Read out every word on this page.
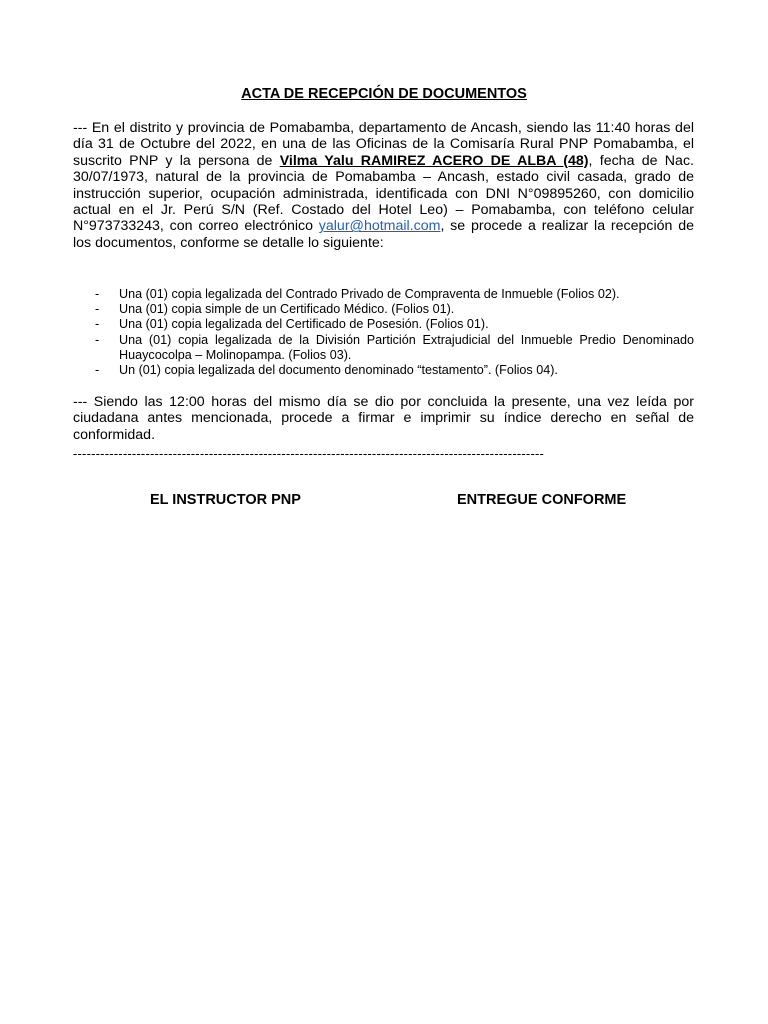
ACTA DE RECEPCIÓN DE DOCUMENTOS
--- En el distrito y provincia de Pomabamba, departamento de Ancash, siendo las 11:40 horas del día 31 de Octubre del 2022, en una de las Oficinas de la Comisaría Rural PNP Pomabamba, el suscrito PNP y la persona de Vilma Yalu RAMIREZ ACERO DE ALBA (48), fecha de Nac. 30/07/1973, natural de la provincia de Pomabamba – Ancash, estado civil casada, grado de instrucción superior, ocupación administrada, identificada con DNI N°09895260, con domicilio actual en el Jr. Perú S/N (Ref. Costado del Hotel Leo) – Pomabamba, con teléfono celular N°973733243, con correo electrónico yalur@hotmail.com, se procede a realizar la recepción de los documentos, conforme se detalle lo siguiente:
- Una (01) copia legalizada del Contrado Privado de Compraventa de Inmueble (Folios 02).
- Una (01) copia simple de un Certificado Médico. (Folios 01).
- Una (01) copia legalizada del Certificado de Posesión. (Folios 01).
- Una (01) copia legalizada de la División Partición Extrajudicial del Inmueble Predio Denominado Huaycocolpa – Molinopampa. (Folios 03).
- Un (01) copia legalizada del documento denominado “testamento”. (Folios 04).
--- Siendo las 12:00 horas del mismo día se dio por concluida la presente, una vez leída por ciudadana antes mencionada, procede a firmar e imprimir su índice derecho en señal de conformidad.
--------------------------------------------------------------------------------------------------------
EL INSTRUCTOR PNP	ENTREGUE CONFORME
